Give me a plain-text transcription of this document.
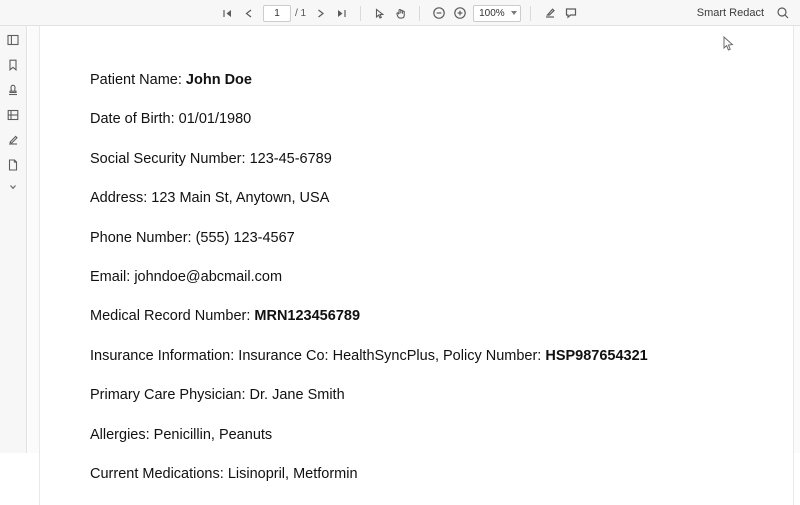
1
/ 1	100%	Smart Redact
Patient Name: John Doe
Date of Birth: 01/01/1980
Social Security Number: 123-45-6789
Address: 123 Main St, Anytown, USA
Phone Number: (555) 123-4567
Email: johndoe@abcmail.com
Medical Record Number: MRN123456789
Insurance Information: Insurance Co: HealthSyncPlus, Policy Number: HSP987654321
Primary Care Physician: Dr. Jane Smith
Allergies: Penicillin, Peanuts
Current Medications: Lisinopril, Metformin
